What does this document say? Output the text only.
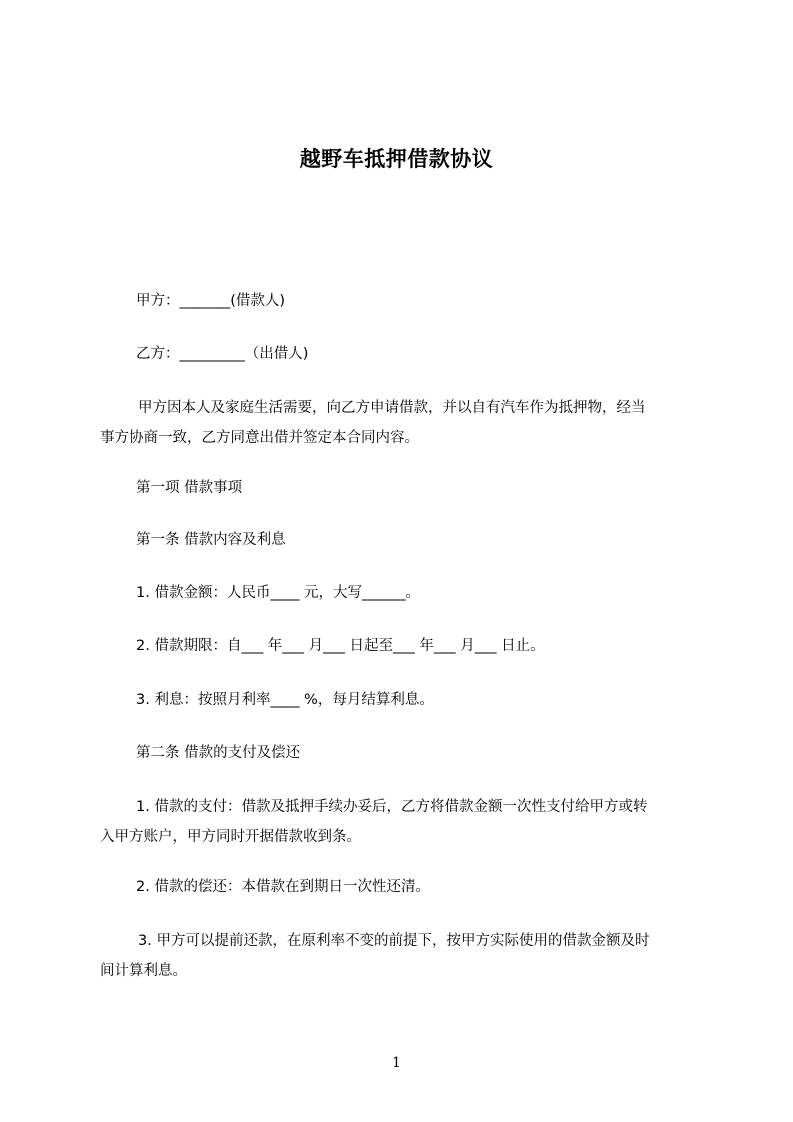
越野车抵押借款协议
甲方：_______(借款人)
乙方：_________（出借人)
甲方因本人及家庭生活需要，向乙方申请借款，并以自有汽车作为抵押物，经当
事方协商一致，乙方同意出借并签定本合同内容。
第一项 借款事项
第一条 借款内容及利息
1. 借款金额：人民币____ 元，大写______。
2. 借款期限：自___ 年___ 月___ 日起至___ 年___ 月___ 日止。
3. 利息：按照月利率____ %，每月结算利息。
第二条 借款的支付及偿还
1. 借款的支付：借款及抵押手续办妥后，乙方将借款金额一次性支付给甲方或转
入甲方账户，甲方同时开据借款收到条。
2. 借款的偿还：本借款在到期日一次性还清。
3. 甲方可以提前还款，在原利率不变的前提下，按甲方实际使用的借款金额及时
间计算利息。
1
